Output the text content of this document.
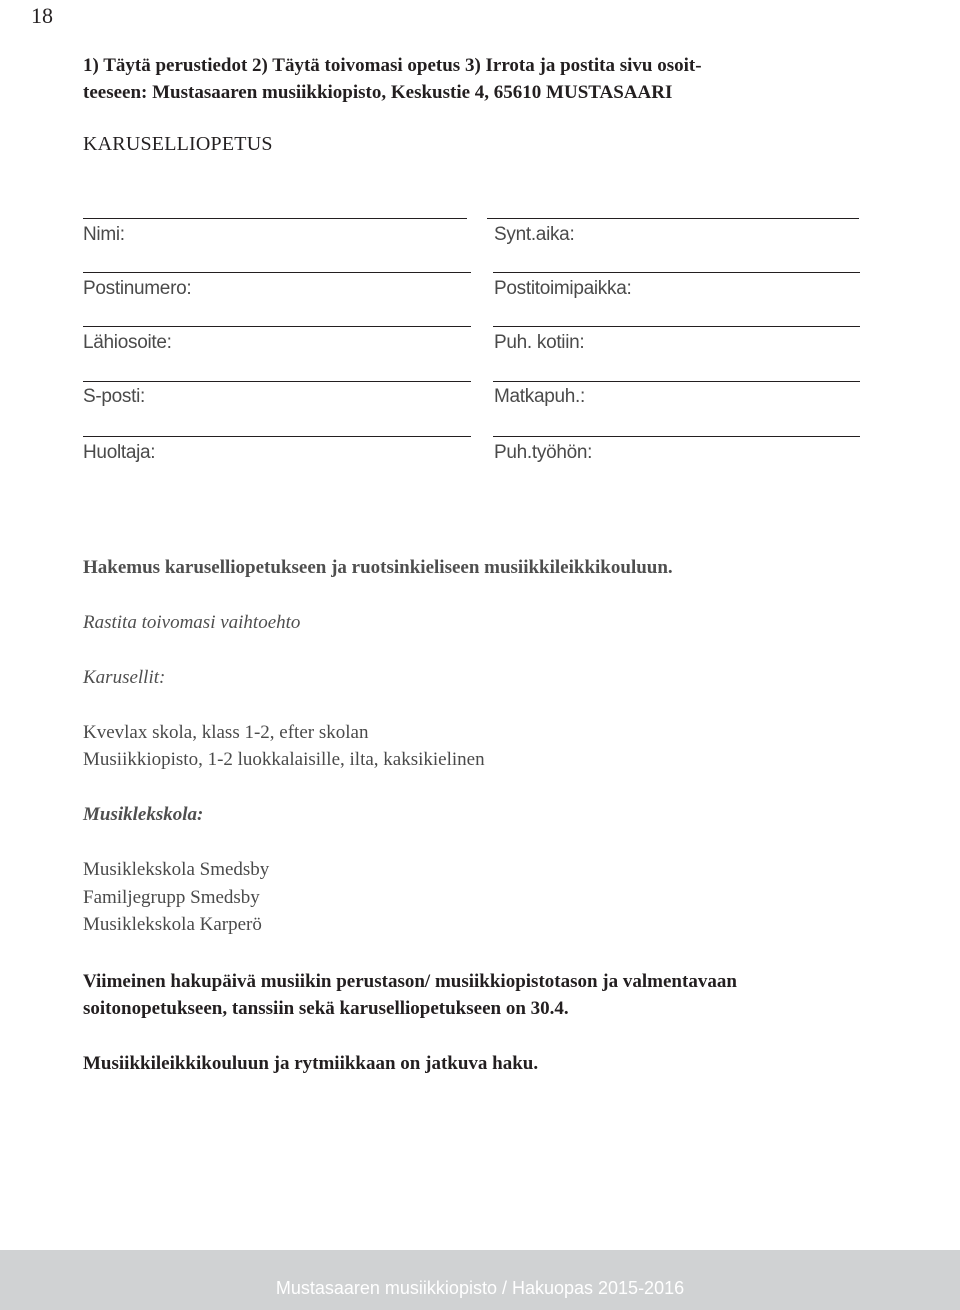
18
1) Täytä perustiedot 2) Täytä toivomasi opetus 3) Irrota ja postita sivu osoit-
teeseen: Mustasaaren musiikkiopisto, Keskustie 4, 65610 MUSTASAARI
KARUSELLIOPETUS
Nimi:
Postinumero:
Lähiosoite:
S-posti:
Huoltaja:
Synt.aika:
Postitoimipaikka:
Puh. kotiin:
Matkapuh.:
Puh.työhön:
Hakemus karuselliopetukseen ja ruotsinkieliseen musiikkileikkikouluun.
Rastita toivomasi vaihtoehto
Karusellit:
Kvevlax skola, klass 1-2, efter skolan
Musiikkiopisto, 1-2 luokkalaisille, ilta, kaksikielinen
Musiklekskola:
Musiklekskola Smedsby
Familjegrupp Smedsby
Musiklekskola Karperö
Viimeinen hakupäivä musiikin perustason/ musiikkiopistotason ja valmentavaan
soitonopetukseen, tanssiin sekä karuselliopetukseen on 30.4.
Musiikkileikkikouluun ja rytmiikkaan on jatkuva haku.
Mustasaaren musiikkiopisto / Hakuopas 2015-2016
